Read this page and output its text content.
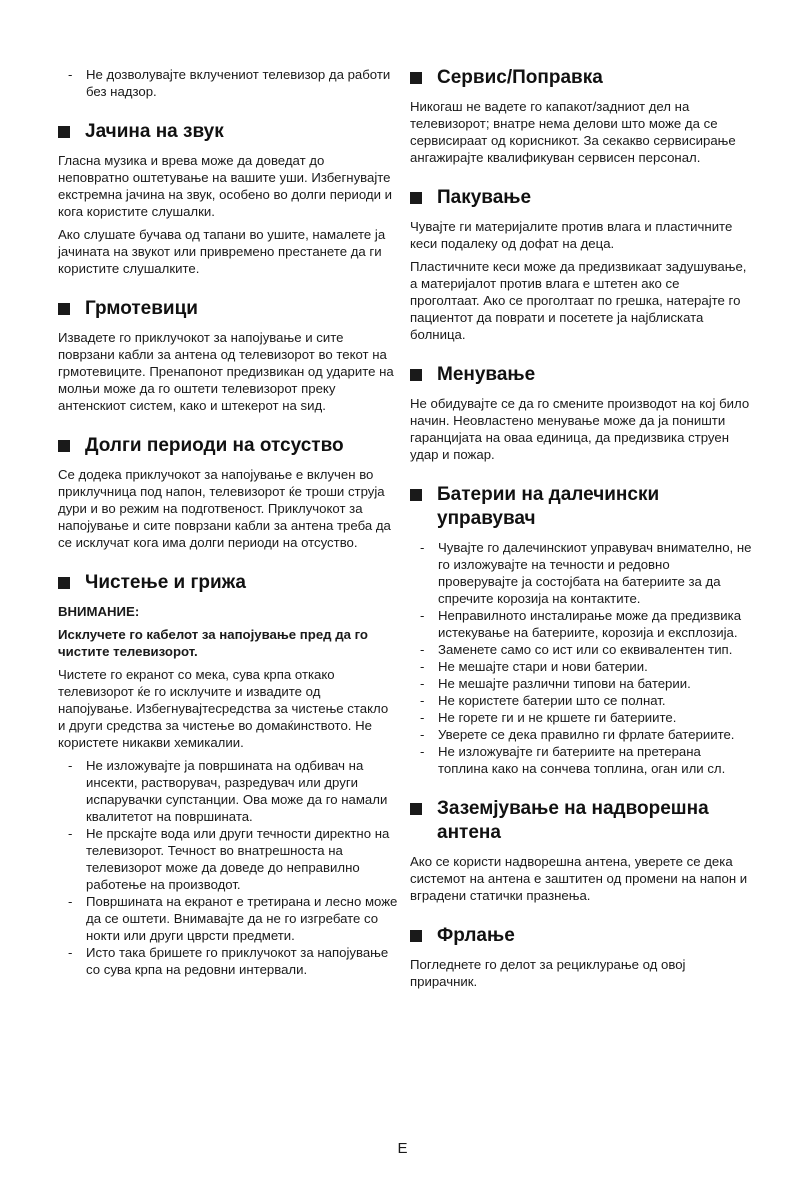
- Не дозволувајте вклучениот телевизор да работи без надзор.
Јачина на звук

Гласна музика и врева може да доведат до неповратно оштетување на вашите уши. Избегнувајте екстремна јачина на звук, особено во долги периоди и кога користите слушалки.

Ако слушате бучава од тапани во ушите, намалете ја јачината на звукот или привремено престанете да ги користите слушалките.

Грмотевици

Извадете го приклучокот за напојување и сите поврзани кабли за антена од телевизорот во текот на грмотевиците. Пренапонот предизвикан од ударите на молњи може да го оштети телевизорот преку антенскиот систем, како и штекерот на ѕид.

Долги периоди на отсуство

Се додека приклучокот за напојување е вклучен во приклучница под напон, телевизорот ќе троши струја дури и во режим на подготвеност. Приклучокот за напојување и сите поврзани кабли за антена треба да се исклучат кога има долги периоди на отсуство.

Чистење и грижа

ВНИМАНИЕ:

Исклучете го кабелот за напојување пред да го чистите телевизорот.

Чистете го екранот со мека, сува крпа откако телевизорот ќе го исклучите и извадите од напојување. Избегнувајтесредства за чистење стакло и други средства за чистење во домаќинството. Не користете никакви хемикалии.

- Не изложувајте ја површината на одбивач на инсекти, растворувач, разредувач или други испарувачки супстанции. Ова може да го намали квалитетот на површината.
- Не прскајте вода или други течности директно на телевизорот. Течност во внатрешноста на телевизорот може да доведе до неправилно работење на производот.
- Површината на екранот е третирана и лесно може да се оштети. Внимавајте да не го изгребате со нокти или други цврсти предмети.
- Исто така бришете го приклучокот за напојување со сува крпа на редовни интервали.
Сервис/Поправка

Никогаш не вадете го капакот/задниот дел на телевизорот; внатре нема делови што може да се сервисираат од корисникот. За секакво сервисирање ангажирајте квалификуван сервисен персонал.

Пакување

Чувајте ги материјалите против влага и пластичните кеси подалеку од дофат на деца.

Пластичните кеси може да предизвикаат задушување, а материјалот против влага е штетен ако се проголтаат. Ако се проголтаат по грешка, натерајте го пациентот да поврати и посетете ја најблиската болница.

Менување

Не обидувајте се да го смените производот на кој било начин. Неовластено менување може да ја поништи гаранцијата на оваа единица, да предизвика струен удар и пожар.

Батерии на далечински управувач
- Чувајте го далечинскиот управувач внимателно, не го изложувајте на течности и редовно проверувајте ја состојбата на батериите за да спречите корозија на контактите.
- Неправилното инсталирање може да предизвика истекување на батериите, корозија и експлозија.
- Заменете само со ист или со еквивалентен тип.
- Не мешајте стари и нови батерии.
- Не мешајте различни типови на батерии.
- Не користете батерии што се полнат.
- Не горете ги и не кршете ги батериите.
- Уверете се дека правилно ги фрлате батериите.
- Не изложувајте ги батериите на претерана топлина како на сончева топлина, оган или сл.
Заземјување на надворешна антена

Ако се користи надворешна антена, уверете се дека системот на антена е заштитен од промени на напон и вградени статички празнења.

Фрлање

Погледнете го делот за рециклурање од овој прирачник.

E
